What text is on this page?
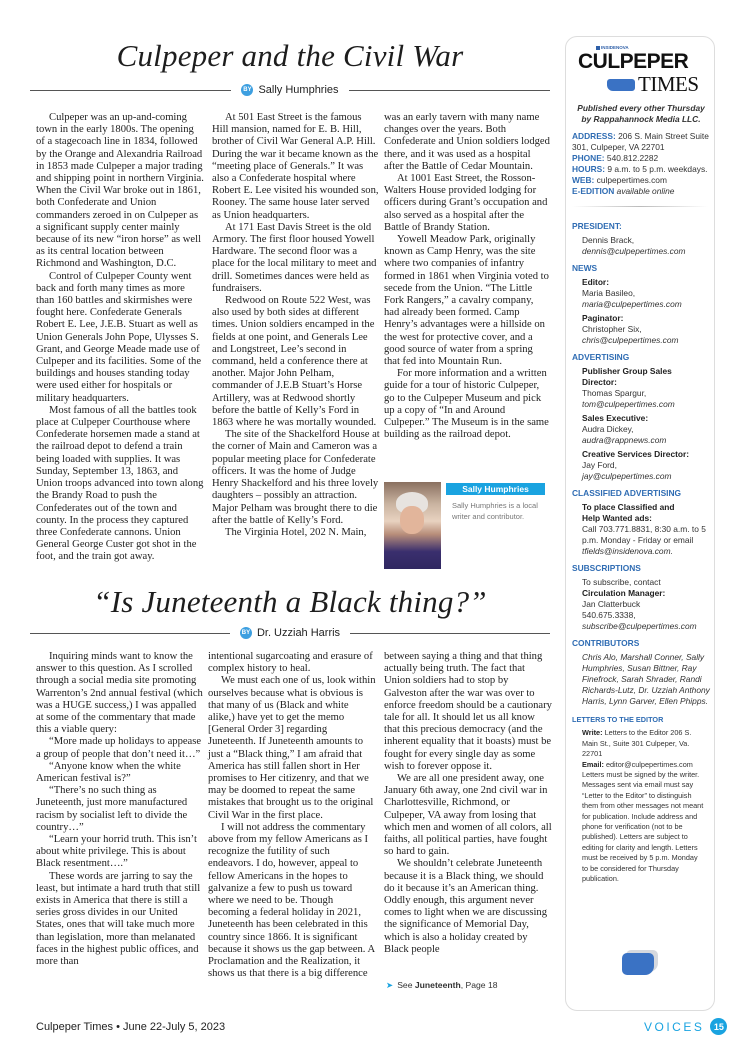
Culpeper and the Civil War
BY Sally Humphries

Culpeper was an up-and-coming town in the early 1800s. The opening of a stagecoach line in 1834, followed by the Orange and Alexandria Railroad in 1853 made Culpeper a major trading and shipping point in northern Virginia. When the Civil War broke out in 1861, both Confederate and Union commanders zeroed in on Culpeper as a significant supply center mainly because of its new “iron horse” as well as its central location between Richmond and Washington, D.C.

Control of Culpeper County went back and forth many times as more than 160 battles and skirmishes were fought here. Confederate Generals Robert E. Lee, J.E.B. Stuart as well as Union Generals John Pope, Ulysses S. Grant, and George Meade made use of Culpeper and its facilities. Some of the buildings and houses standing today were used either for hospitals or military headquarters.

Most famous of all the battles took place at Culpeper Courthouse where Confederate horsemen made a stand at the railroad depot to defend a train being loaded with supplies. It was Sunday, September 13, 1863, and Union troops advanced into town along the Brandy Road to push the Confederates out of the town and county. In the process they captured three Confederate cannons. Union General George Custer got shot in the foot, and the train got away.

At 501 East Street is the famous Hill mansion, named for E. B. Hill, brother of Civil War General A.P. Hill. During the war it became known as the “meeting place of Generals.” It was also a Confederate hospital where Robert E. Lee visited his wounded son, Rooney. The same house later served as Union headquarters.

At 171 East Davis Street is the old Armory. The first floor housed Yowell Hardware. The second floor was a place for the local military to meet and drill. Sometimes dances were held as fundraisers.

Redwood on Route 522 West, was also used by both sides at different times. Union soldiers encamped in the fields at one point, and Generals Lee and Longstreet, Lee’s second in command, held a conference there at another. Major John Pelham, commander of J.E.B Stuart’s Horse Artillery, was at Redwood shortly before the battle of Kelly’s Ford in 1863 where he was mortally wounded.

The site of the Shackelford House at the corner of Main and Cameron was a popular meeting place for Confederate officers. It was the home of Judge Henry Shackelford and his three lovely daughters – possibly an attraction. Major Pelham was brought there to die after the battle of Kelly’s Ford.

The Virginia Hotel, 202 N. Main,

was an early tavern with many name changes over the years. Both Confederate and Union soldiers lodged there, and it was used as a hospital after the Battle of Cedar Mountain.

At 1001 East Street, the Rosson-Walters House provided lodging for officers during Grant’s occupation and also served as a hospital after the Battle of Brandy Station.

Yowell Meadow Park, originally known as Camp Henry, was the site where two companies of infantry formed in 1861 when Virginia voted to secede from the Union. “The Little Fork Rangers,” a cavalry company, had already been formed. Camp Henry’s advantages were a hillside on the west for protective cover, and a good source of water from a spring that fed into Mountain Run.

For more information and a written guide for a tour of historic Culpeper, go to the Culpeper Museum and pick up a copy of “In and Around Culpeper.” The Museum is in the same building as the railroad depot.

Sally Humphries
Sally Humphries is a local writer and contributor.
“Is Juneteenth a Black thing?”
BY Dr. Uzziah Harris

Inquiring minds want to know the answer to this question. As I scrolled through a social media site promoting Warrenton’s 2nd annual festival (which was a HUGE success,) I was appalled at some of the commentary that made this a viable query:

“More made up holidays to appease a group of people that don’t need it…”

“Anyone know when the white American festival is?”

“There’s no such thing as Juneteenth, just more manufactured racism by socialist left to divide the country…”

“Learn your horrid truth. This isn’t about white privilege. This is about Black resentment….”

These words are jarring to say the least, but intimate a hard truth that still exists in America that there is still a series gross divides in our United States, ones that will take much more than legislation, more than melanated faces in the highest public offices, and more than

intentional sugarcoating and erasure of complex history to heal.

We must each one of us, look within ourselves because what is obvious is that many of us (Black and white alike,) have yet to get the memo [General Order 3] regarding Juneteenth. If Juneteenth amounts to just a “Black thing,” I am afraid that America has still fallen short in Her promises to Her citizenry, and that we may be doomed to repeat the same mistakes that brought us to the original Civil War in the first place.

I will not address the commentary above from my fellow Americans as I recognize the futility of such endeavors. I do, however, appeal to fellow Americans in the hopes to galvanize a few to push us toward where we need to be. Though becoming a federal holiday in 2021, Juneteenth has been celebrated in this country since 1866. It is significant because it shows us the gap between. A Proclamation and the Realization, it shows us that there is a big difference

between saying a thing and that thing actually being truth. The fact that Union soldiers had to stop by Galveston after the war was over to enforce freedom should be a cautionary tale for all. It should let us all know that this precious democracy (and the inherent equality that it boasts) must be fought for every single day as some wish to forever oppose it.

We are all one president away, one January 6th away, one 2nd civil war in Charlottesville, Richmond, or Culpeper, VA away from losing that which men and women of all colors, all faiths, all political parties, have fought so hard to gain.

We shouldn’t celebrate Juneteenth because it is a Black thing, we should do it because it’s an American thing. Oddly enough, this argument never comes to light when we are discussing the significance of Memorial Day, which is also a holiday created by Black people

➤ See Juneteenth, Page 18
INSIDENOVA
CULPEPER
TIMES
Published every other Thursday by Rappahannock Media LLC.
ADDRESS: 206 S. Main Street Suite 301, Culpeper, VA 22701
PHONE: 540.812.2282
HOURS: 9 a.m. to 5 p.m. weekdays.
WEB: culpepertimes.com
E-EDITION available online
PRESIDENT:
Dennis Brack,
dennis@culpepertimes.com
NEWS
Editor:
Maria Basileo,
maria@culpepertimes.com
Paginator:
Christopher Six,
chris@culpepertimes.com
ADVERTISING
Publisher Group Sales Director:
Thomas Spargur,
tom@culpepertimes.com
Sales Executive:
Audra Dickey,
audra@rappnews.com
Creative Services Director:
Jay Ford,
jay@culpepertimes.com
CLASSIFIED ADVERTISING
To place Classified and Help Wanted ads:
Call 703.771.8831, 8:30 a.m. to 5 p.m. Monday - Friday or email
tfields@insidenova.com.
SUBSCRIPTIONS
To subscribe, contact
Circulation Manager:
Jan Clatterbuck
540.675.3338,
subscribe@culpepertimes.com
CONTRIBUTORS
Chris Alo, Marshall Conner, Sally Humphries, Susan Bittner, Ray Finefrock, Sarah Shrader, Randi Richards-Lutz, Dr. Uzziah Anthony Harris, Lynn Garver, Ellen Phipps.
LETTERS TO THE EDITOR
Write: Letters to the Editor 206 S. Main St., Suite 301 Culpeper, Va. 22701
Email: editor@culpepertimes.com
Letters must be signed by the writer. Messages sent via email must say “Letter to the Editor” to distinguish them from other messages not meant for publication. Include address and phone for verification (not to be published). Letters are subject to editing for clarity and length. Letters must be received by 5 p.m. Monday to be considered for Thursday publication.
Culpeper Times • June 22-July 5, 2023	VOICES	15
